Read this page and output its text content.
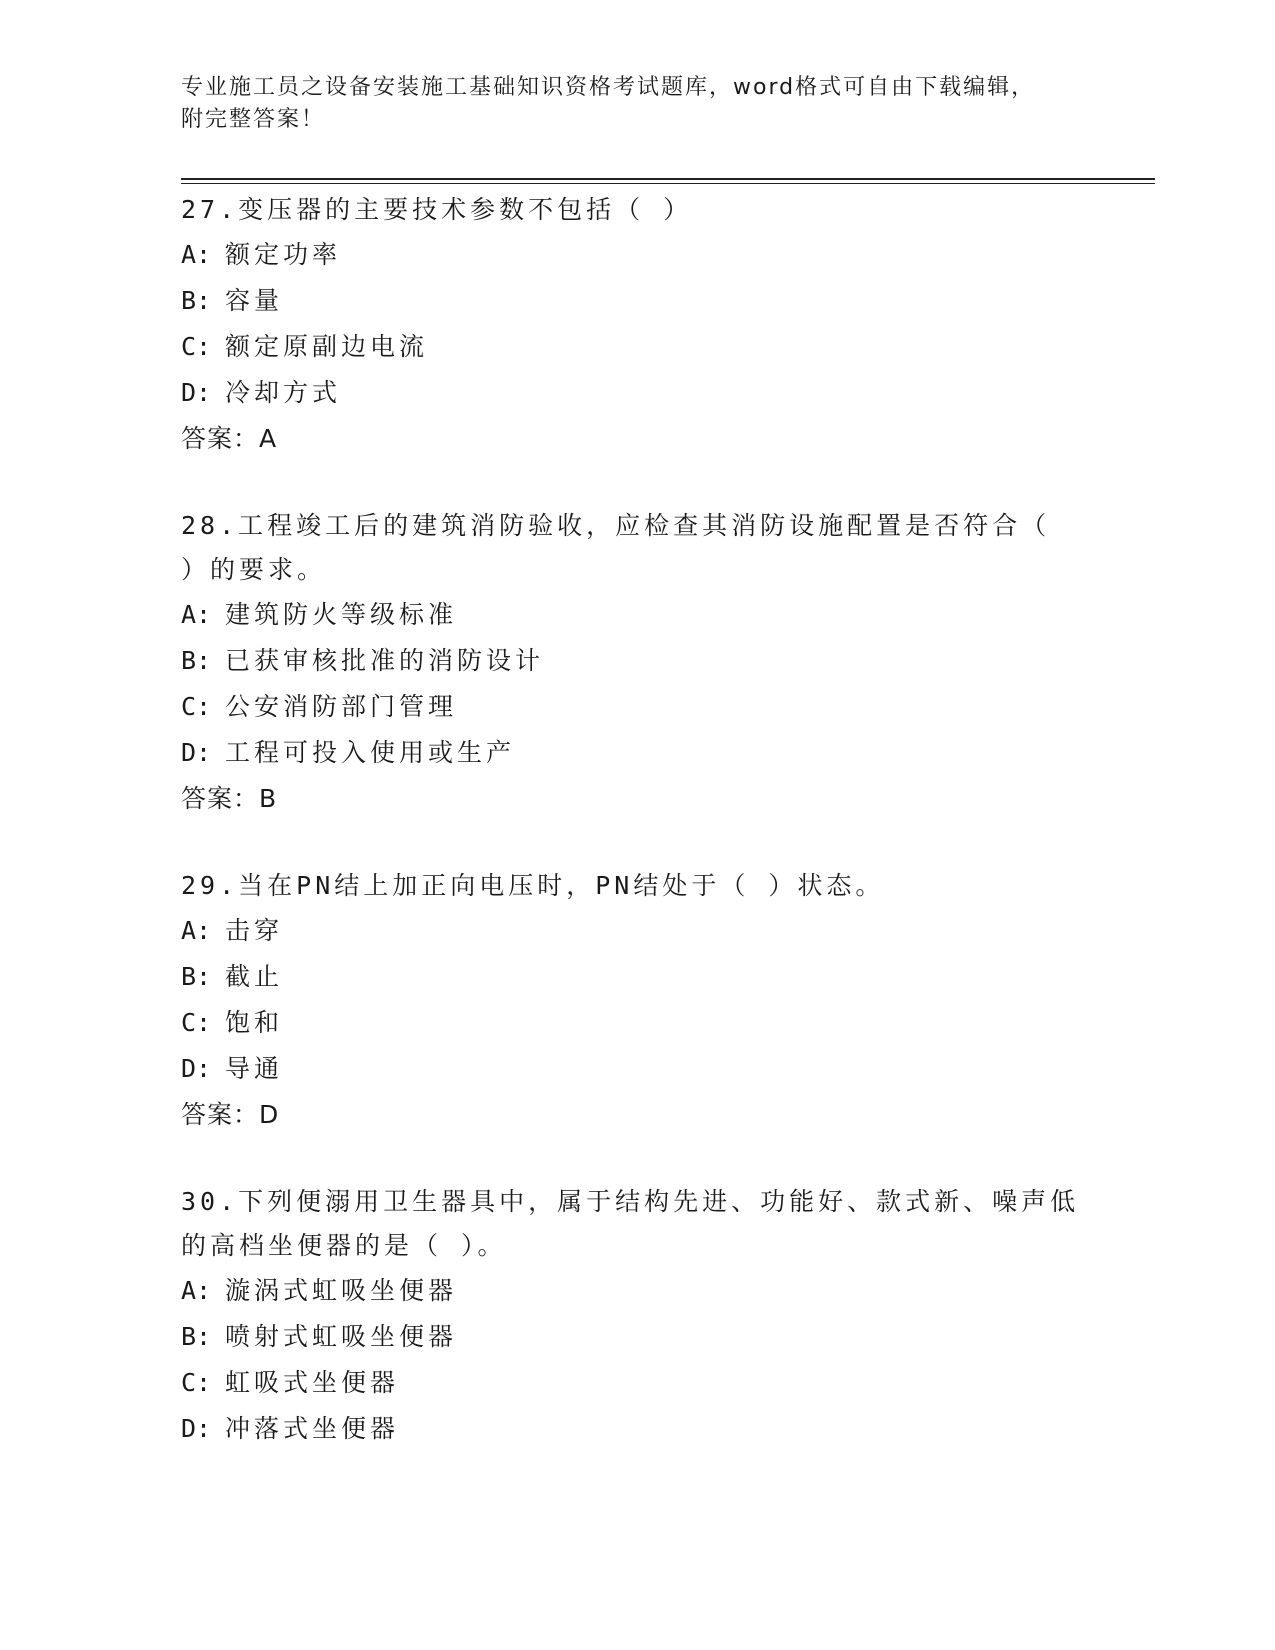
专业施工员之设备安装施工基础知识资格考试题库，word格式可自由下载编辑，
附完整答案！
27.变压器的主要技术参数不包括（ ）
A: 额定功率
B: 容量
C: 额定原副边电流
D: 冷却方式
答案：A
28.工程竣工后的建筑消防验收，应检查其消防设施配置是否符合（ ）的要求。
A: 建筑防火等级标准
B: 已获审核批准的消防设计
C: 公安消防部门管理
D: 工程可投入使用或生产
答案：B
29.当在PN结上加正向电压时，PN结处于（ ）状态。
A: 击穿
B: 截止
C: 饱和
D: 导通
答案：D
30.下列便溺用卫生器具中，属于结构先进、功能好、款式新、噪声低的高档坐便器的是（ ）。
A: 漩涡式虹吸坐便器
B: 喷射式虹吸坐便器
C: 虹吸式坐便器
D: 冲落式坐便器
